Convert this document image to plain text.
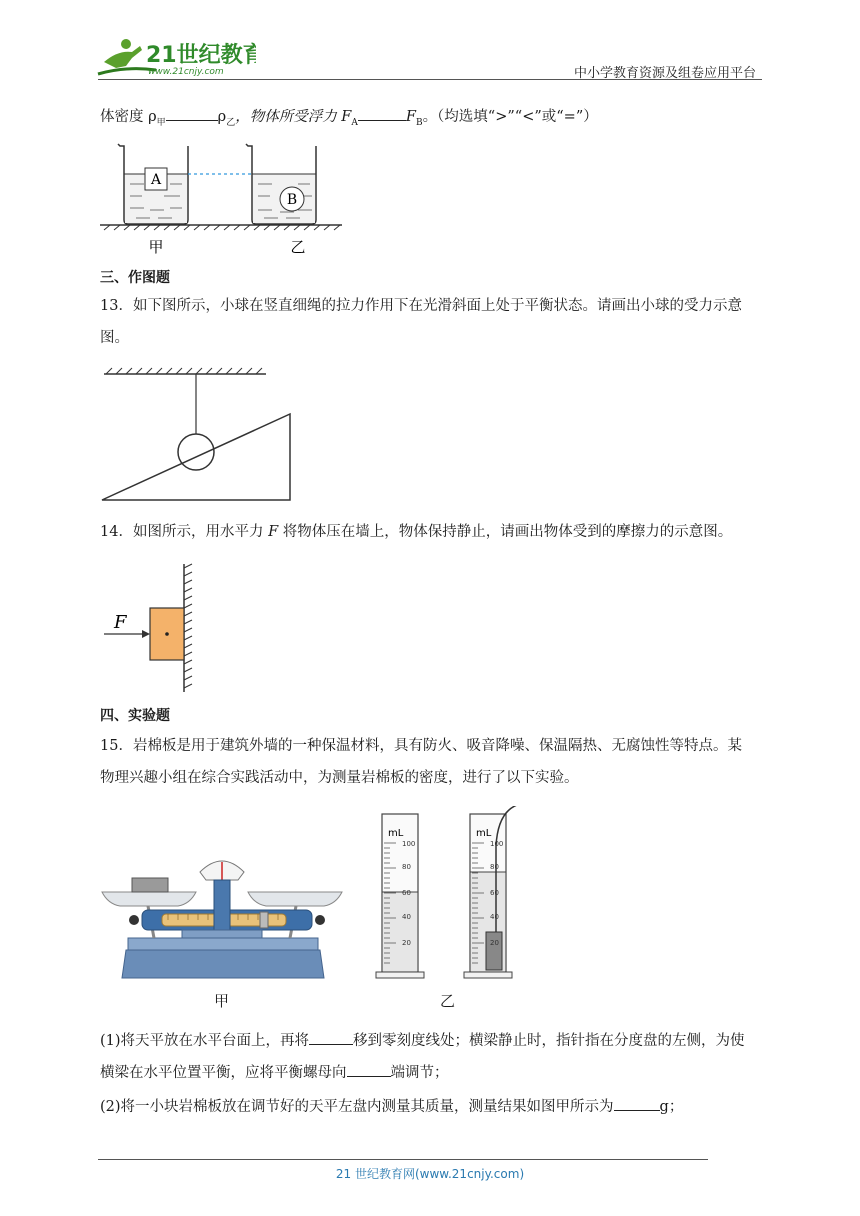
21世纪教育
www.21cnjy.com	中小学教育资源及组卷应用平台
体密度 $\rho_甲$	$\rho_乙$，物体所受浮力 $F_A$	$F_B$。（均选填“>”“<”或“=”）
A
B
甲	乙
三、作图题
13．如下图所示，小球在竖直细绳的拉力作用下在光滑斜面上处于平衡状态。请画出小球的受力示意
图。
14．如图所示，用水平力 F 将物体压在墙上，物体保持静止，请画出物体受到的摩擦力的示意图。
F
四、实验题
15．岩棉板是用于建筑外墙的一种保温材料，具有防火、吸音降噪、保温隔热、无腐蚀性等特点。某
物理兴趣小组在综合实践活动中，为测量岩棉板的密度，进行了以下实验。
甲
mL
100
80
60
40
20
mL
100
80
60
40
20
乙
(1)将天平放在水平台面上，再将	移到零刻度线处；横梁静止时，指针指在分度盘的左侧，为使
横梁在水平位置平衡，应将平衡螺母向	端调节；
(2)将一小块岩棉板放在调节好的天平左盘内测量其质量，测量结果如图甲所示为	g；
21 世纪教育网(www.21cnjy.com)
